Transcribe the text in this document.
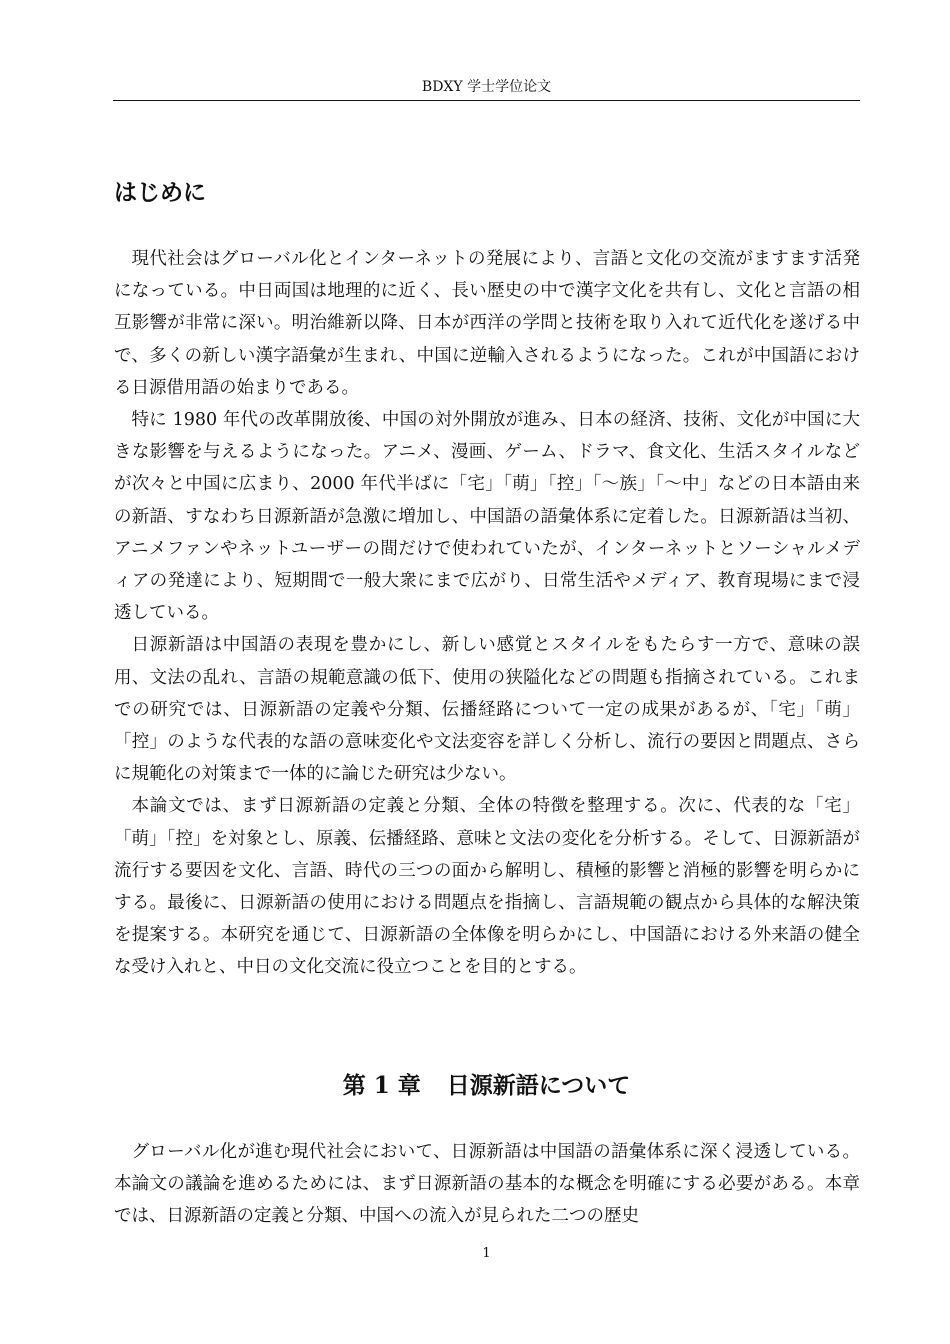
BDXY 学士学位论文
はじめに

現代社会はグローバル化とインターネットの発展により、言語と文化の交流がますます活発になっている。中日両国は地理的に近く、長い歴史の中で漢字文化を共有し、文化と言語の相互影響が非常に深い。明治維新以降、日本が西洋の学問と技術を取り入れて近代化を遂げる中で、多くの新しい漢字語彙が生まれ、中国に逆輸入されるようになった。これが中国語における日源借用語の始まりである。

特に 1980 年代の改革開放後、中国の対外開放が進み、日本の経済、技術、文化が中国に大きな影響を与えるようになった。アニメ、漫画、ゲーム、ドラマ、食文化、生活スタイルなどが次々と中国に広まり、2000 年代半ばに「宅」「萌」「控」「～族」「～中」などの日本語由来の新語、すなわち日源新語が急激に増加し、中国語の語彙体系に定着した。日源新語は当初、アニメファンやネットユーザーの間だけで使われていたが、インターネットとソーシャルメディアの発達により、短期間で一般大衆にまで広がり、日常生活やメディア、教育現場にまで浸透している。

日源新語は中国語の表現を豊かにし、新しい感覚とスタイルをもたらす一方で、意味の誤用、文法の乱れ、言語の規範意識の低下、使用の狭隘化などの問題も指摘されている。これまでの研究では、日源新語の定義や分類、伝播経路について一定の成果があるが、「宅」「萌」「控」のような代表的な語の意味変化や文法変容を詳しく分析し、流行の要因と問題点、さらに規範化の対策まで一体的に論じた研究は少ない。

本論文では、まず日源新語の定義と分類、全体の特徴を整理する。次に、代表的な「宅」「萌」「控」を対象とし、原義、伝播経路、意味と文法の変化を分析する。そして、日源新語が流行する要因を文化、言語、時代の三つの面から解明し、積極的影響と消極的影響を明らかにする。最後に、日源新語の使用における問題点を指摘し、言語規範の観点から具体的な解決策を提案する。本研究を通じて、日源新語の全体像を明らかにし、中国語における外来語の健全な受け入れと、中日の文化交流に役立つことを目的とする。

第 1 章 日源新語について

グローバル化が進む現代社会において、日源新語は中国語の語彙体系に深く浸透している。本論文の議論を進めるためには、まず日源新語の基本的な概念を明確にする必要がある。本章では、日源新語の定義と分類、中国への流入が見られた二つの歴史

1
